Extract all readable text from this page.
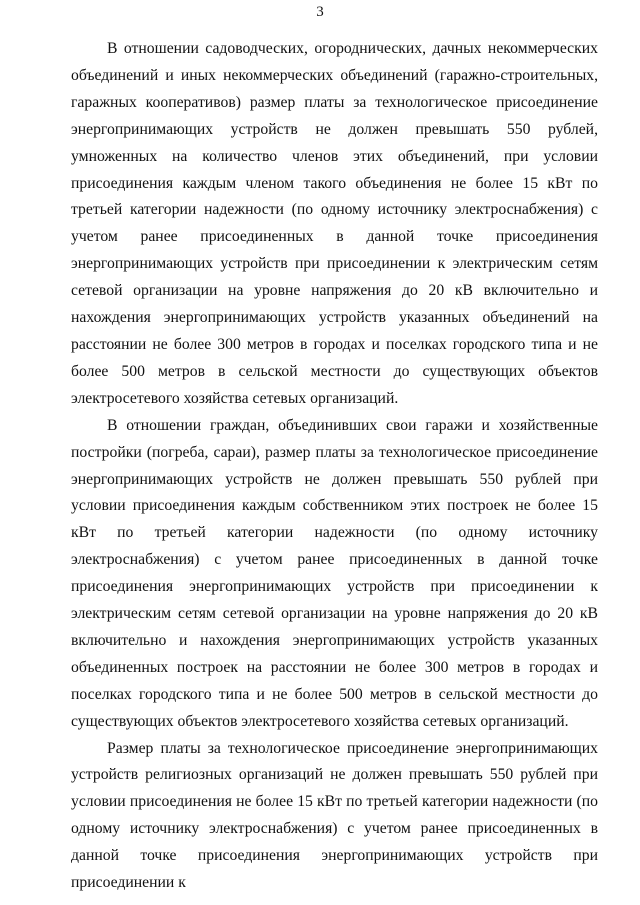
3

В отношении садоводческих, огороднических, дачных некоммерческих объединений и иных некоммерческих объединений (гаражно-строительных, гаражных кооперативов) размер платы за технологическое присоединение энергопринимающих устройств не должен превышать 550 рублей, умноженных на количество членов этих объединений, при условии присоединения каждым членом такого объединения не более 15 кВт по третьей категории надежности (по одному источнику электроснабжения) с учетом ранее присоединенных в данной точке присоединения энергопринимающих устройств при присоединении к электрическим сетям сетевой организации на уровне напряжения до 20 кВ включительно и нахождения энергопринимающих устройств указанных объединений на расстоянии не более 300 метров в городах и поселках городского типа и не более 500 метров в сельской местности до существующих объектов электросетевого хозяйства сетевых организаций.

В отношении граждан, объединивших свои гаражи и хозяйственные постройки (погреба, сараи), размер платы за технологическое присоединение энергопринимающих устройств не должен превышать 550 рублей при условии присоединения каждым собственником этих построек не более 15 кВт по третьей категории надежности (по одному источнику электроснабжения) с учетом ранее присоединенных в данной точке присоединения энергопринимающих устройств при присоединении к электрическим сетям сетевой организации на уровне напряжения до 20 кВ включительно и нахождения энергопринимающих устройств указанных объединенных построек на расстоянии не более 300 метров в городах и поселках городского типа и не более 500 метров в сельской местности до существующих объектов электросетевого хозяйства сетевых организаций.

Размер платы за технологическое присоединение энергопринимающих устройств религиозных организаций не должен превышать 550 рублей при условии присоединения не более 15 кВт по третьей категории надежности (по одному источнику электроснабжения) с учетом ранее присоединенных в данной точке присоединения энергопринимающих устройств при присоединении к
